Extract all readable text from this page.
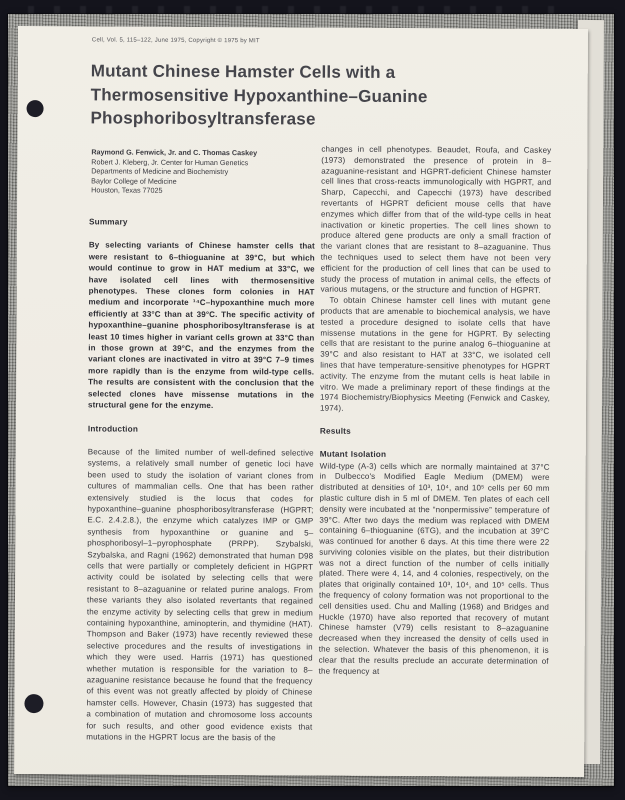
Cell, Vol. 5, 115–122, June 1975, Copyright © 1975 by MIT
Mutant Chinese Hamster Cells with a
Thermosensitive Hypoxanthine–Guanine
Phosphoribosyltransferase
Raymond G. Fenwick, Jr. and C. Thomas Caskey
Robert J. Kleberg, Jr. Center for Human Genetics
Departments of Medicine and Biochemistry
Baylor College of Medicine
Houston, Texas 77025
Summary

By selecting variants of Chinese hamster cells that were resistant to 6–thioguanine at 39°C, but which would continue to grow in HAT medium at 33°C, we have isolated cell lines with thermosensitive phenotypes. These clones form colonies in HAT medium and incorporate ¹⁴C–hypoxanthine much more efficiently at 33°C than at 39°C. The specific activity of hypoxanthine–guanine phosphoribosyltransferase is at least 10 times higher in variant cells grown at 33°C than in those grown at 39°C, and the enzymes from the variant clones are inactivated in vitro at 39°C 7–9 times more rapidly than is the enzyme from wild-type cells. The results are consistent with the conclusion that the selected clones have missense mutations in the structural gene for the enzyme.

Introduction

Because of the limited number of well-defined selective systems, a relatively small number of genetic loci have been used to study the isolation of variant clones from cultures of mammalian cells. One that has been rather extensively studied is the locus that codes for hypoxanthine–guanine phosphoribosyltransferase (HGPRT; E.C. 2.4.2.8.), the enzyme which catalyzes IMP or GMP synthesis from hypoxanthine or guanine and 5–phosphoribosyl–1–pyrophosphate (PRPP). Szybalski, Szybalska, and Ragni (1962) demonstrated that human D98 cells that were partially or completely deficient in HGPRT activity could be isolated by selecting cells that were resistant to 8–azaguanine or related purine analogs. From these variants they also isolated revertants that regained the enzyme activity by selecting cells that grew in medium containing hypoxanthine, aminopterin, and thymidine (HAT). Thompson and Baker (1973) have recently reviewed these selective procedures and the results of investigations in which they were used. Harris (1971) has questioned whether mutation is responsible for the variation to 8–azaguanine resistance because he found that the frequency of this event was not greatly affected by ploidy of Chinese hamster cells. However, Chasin (1973) has suggested that a combination of mutation and chromosome loss accounts for such results, and other good evidence exists that mutations in the HGPRT locus are the basis of the

changes in cell phenotypes. Beaudet, Roufa, and Caskey (1973) demonstrated the presence of protein in 8–azaguanine-resistant and HGPRT-deficient Chinese hamster cell lines that cross-reacts immunologically with HGPRT, and Sharp, Capecchi, and Capecchi (1973) have described revertants of HGPRT deficient mouse cells that have enzymes which differ from that of the wild-type cells in heat inactivation or kinetic properties. The cell lines shown to produce altered gene products are only a small fraction of the variant clones that are resistant to 8–azaguanine. Thus the techniques used to select them have not been very efficient for the production of cell lines that can be used to study the process of mutation in animal cells, the effects of various mutagens, or the structure and function of HGPRT.

To obtain Chinese hamster cell lines with mutant gene products that are amenable to biochemical analysis, we have tested a procedure designed to isolate cells that have missense mutations in the gene for HGPRT. By selecting cells that are resistant to the purine analog 6–thioguanine at 39°C and also resistant to HAT at 33°C, we isolated cell lines that have temperature-sensitive phenotypes for HGPRT activity. The enzyme from the mutant cells is heat labile in vitro. We made a preliminary report of these findings at the 1974 Biochemistry/Biophysics Meeting (Fenwick and Caskey, 1974).

Results
Mutant Isolation

Wild-type (A-3) cells which are normally maintained at 37°C in Dulbecco's Modified Eagle Medium (DMEM) were distributed at densities of 10³, 10⁴, and 10⁵ cells per 60 mm plastic culture dish in 5 ml of DMEM. Ten plates of each cell density were incubated at the “nonpermissive” temperature of 39°C. After two days the medium was replaced with DMEM containing 6–thioguanine (6TG), and the incubation at 39°C was continued for another 6 days. At this time there were 22 surviving colonies visible on the plates, but their distribution was not a direct function of the number of cells initially plated. There were 4, 14, and 4 colonies, respectively, on the plates that originally contained 10³, 10⁴, and 10⁵ cells. Thus the frequency of colony formation was not proportional to the cell densities used. Chu and Malling (1968) and Bridges and Huckle (1970) have also reported that recovery of mutant Chinese hamster (V79) cells resistant to 8–azaguanine decreased when they increased the density of cells used in the selection. Whatever the basis of this phenomenon, it is clear that the results preclude an accurate determination of the frequency at
